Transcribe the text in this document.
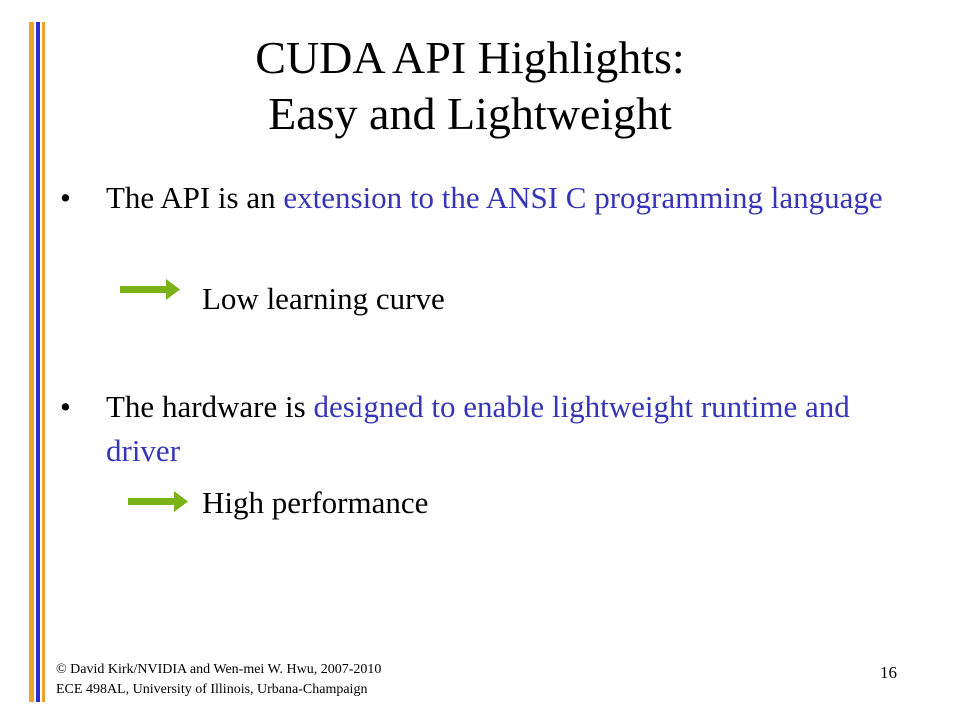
CUDA API Highlights:
Easy and Lightweight
• The API is an extension to the ANSI C programming language
Low learning curve
• The hardware is designed to enable lightweight runtime and driver
High performance
© David Kirk/NVIDIA and Wen-mei W. Hwu, 2007-2010
ECE 498AL, University of Illinois, Urbana-Champaign
16
